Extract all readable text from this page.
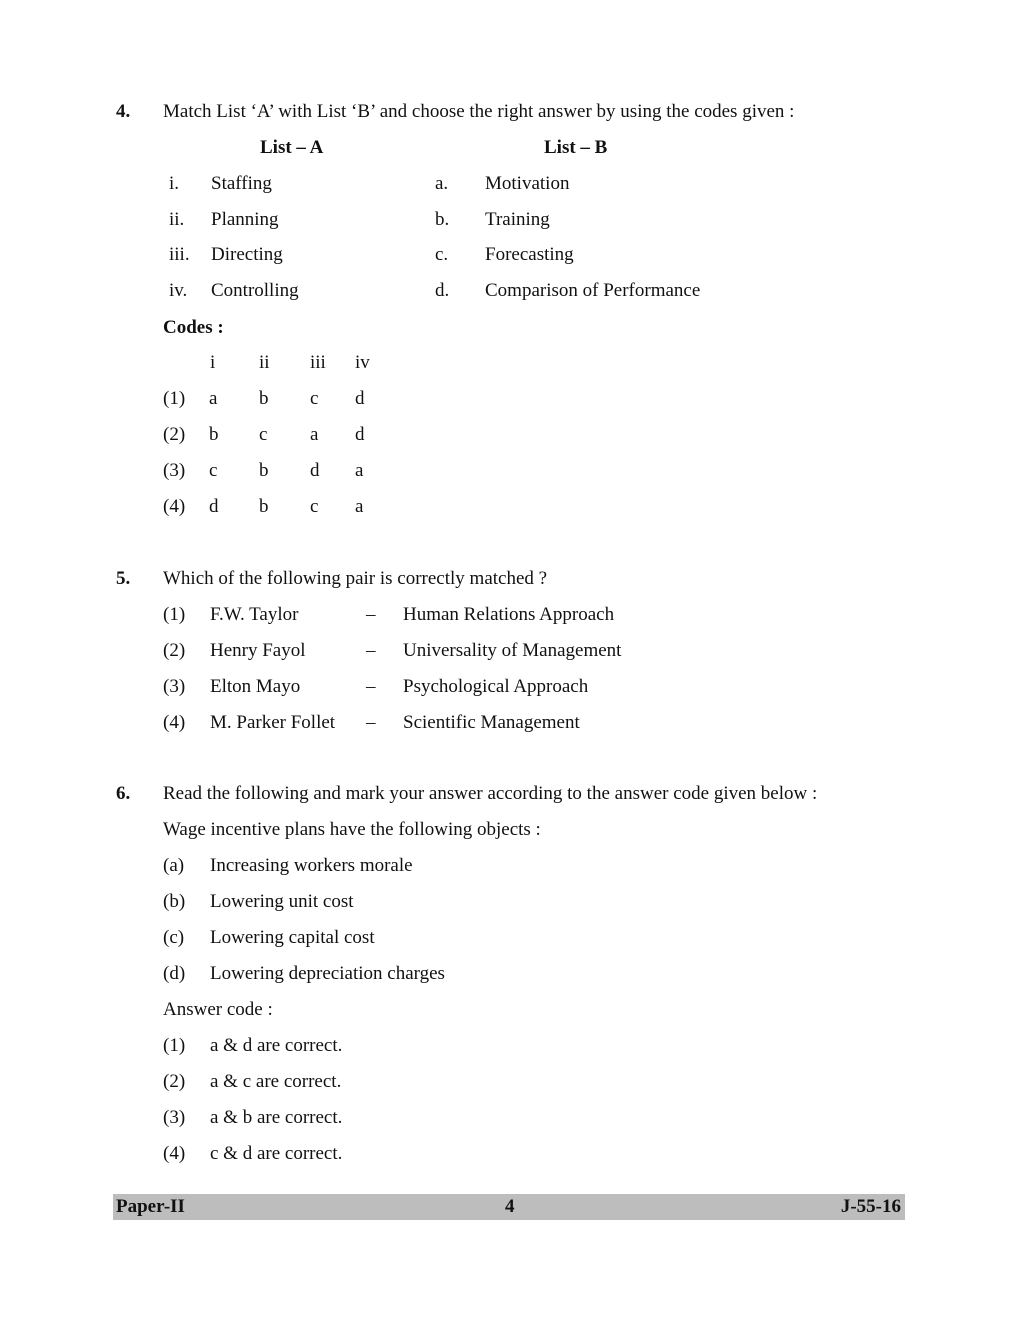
4. Match List ‘A’ with List ‘B’ and choose the right answer by using the codes given :
List – A	List – B
i. Staffing	a. Motivation
ii. Planning	b. Training
iii. Directing	c. Forecasting
iv. Controlling	d. Comparison of Performance
Codes :
i ii iii iv
(1) a b c d
(2) b c a d
(3) c b d a
(4) d b c a
5. Which of the following pair is correctly matched ?
(1) F.W. Taylor	– Human Relations Approach
(2) Henry Fayol	– Universality of Management
(3) Elton Mayo	– Psychological Approach
(4) M. Parker Follet – Scientific Management
6. Read the following and mark your answer according to the answer code given below :
Wage incentive plans have the following objects :
(a) Increasing workers morale
(b) Lowering unit cost
(c) Lowering capital cost
(d) Lowering depreciation charges
Answer code :
(1) a & d are correct.
(2) a & c are correct.
(3) a & b are correct.
(4) c & d are correct.
Paper-II	4	J-55-16
